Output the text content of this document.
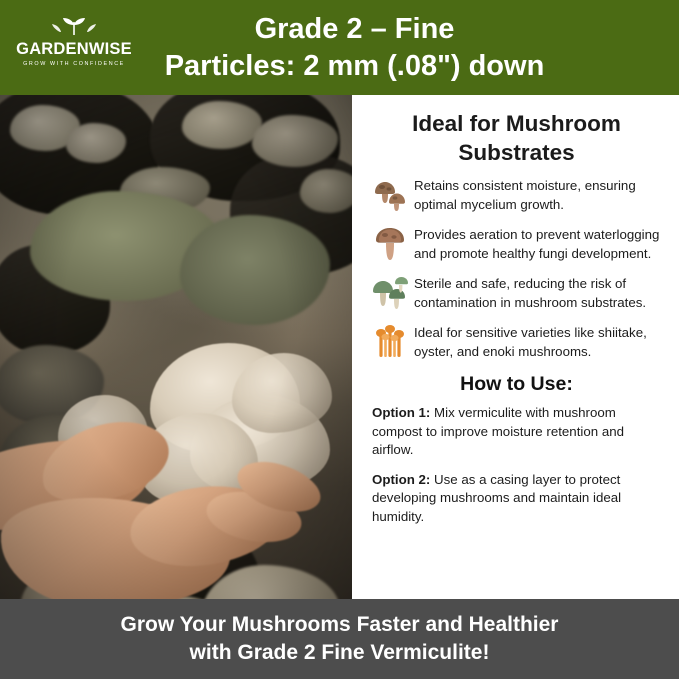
GARDENWISE
GROW WITH CONFIDENCE
Grade 2 – Fine
Particles: 2 mm (.08") down
Ideal for Mushroom Substrates
Retains consistent moisture, ensuring optimal mycelium growth.
Provides aeration to prevent waterlogging and promote healthy fungi development.
Sterile and safe, reducing the risk of contamination in mushroom substrates.
Ideal for sensitive varieties like shiitake, oyster, and enoki mushrooms.
How to Use:

Option 1: Mix vermiculite with mushroom compost to improve moisture retention and airflow.

Option 2: Use as a casing layer to protect developing mushrooms and maintain ideal humidity.

Grow Your Mushrooms Faster and Healthier
with Grade 2 Fine Vermiculite!
